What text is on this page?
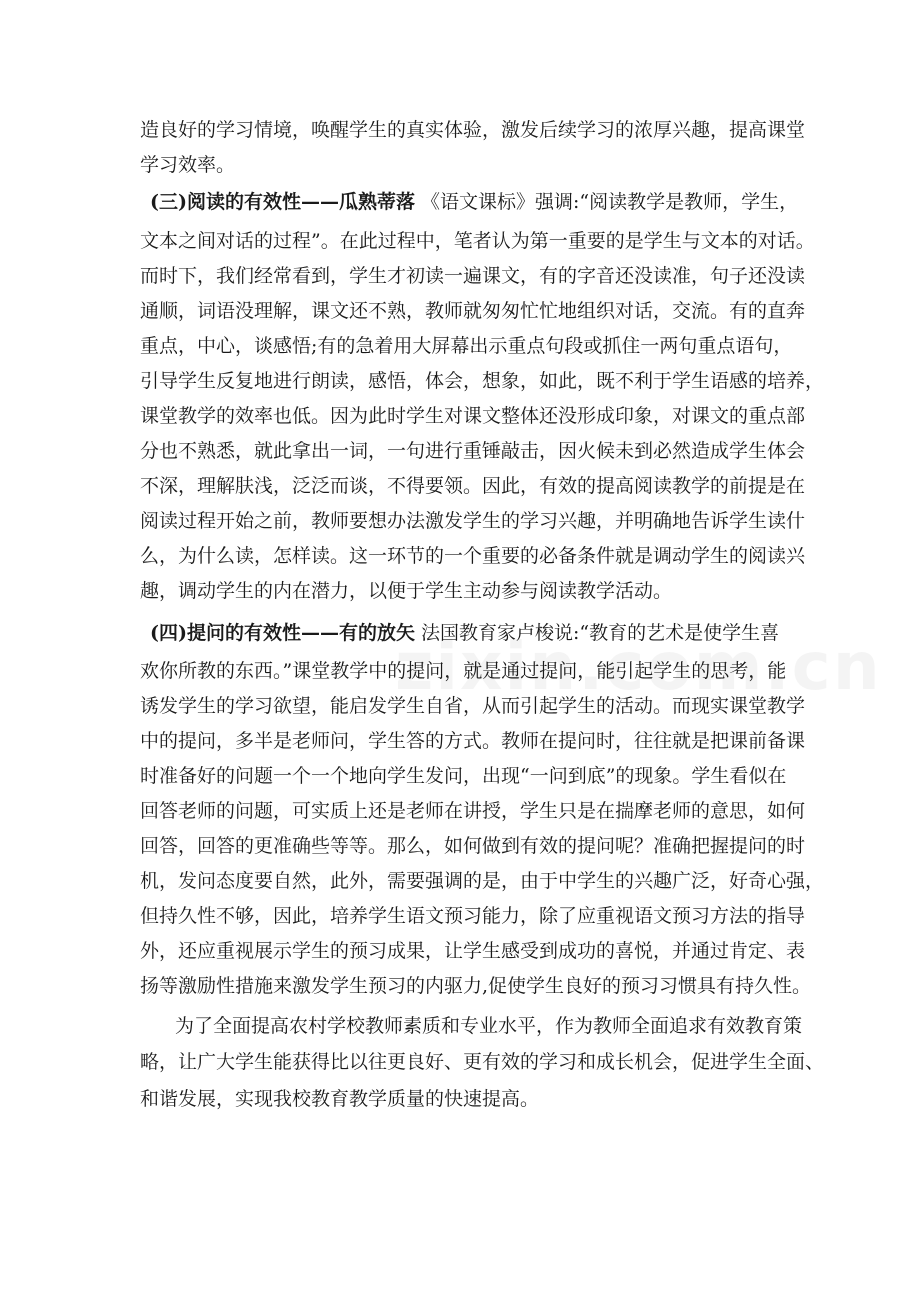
造良好的学习情境，唤醒学生的真实体验，激发后续学习的浓厚兴趣，提高课堂
学习效率。
(三)阅读的有效性——瓜熟蒂落 《语文课标》强调:“阅读教学是教师，学生，
文本之间对话的过程”。在此过程中，笔者认为第一重要的是学生与文本的对话。
而时下，我们经常看到，学生才初读一遍课文，有的字音还没读准，句子还没读
通顺，词语没理解，课文还不熟，教师就匆匆忙忙地组织对话，交流。有的直奔
重点，中心，谈感悟;有的急着用大屏幕出示重点句段或抓住一两句重点语句，
引导学生反复地进行朗读，感悟，体会，想象，如此，既不利于学生语感的培养，
课堂教学的效率也低。因为此时学生对课文整体还没形成印象，对课文的重点部
分也不熟悉，就此拿出一词，一句进行重锤敲击，因火候未到必然造成学生体会
不深，理解肤浅，泛泛而谈，不得要领。因此，有效的提高阅读教学的前提是在
阅读过程开始之前，教师要想办法激发学生的学习兴趣，并明确地告诉学生读什
么，为什么读，怎样读。这一环节的一个重要的必备条件就是调动学生的阅读兴
趣，调动学生的内在潜力，以便于学生主动参与阅读教学活动。
(四)提问的有效性——有的放矢 法国教育家卢梭说:“教育的艺术是使学生喜
欢你所教的东西。”课堂教学中的提问，就是通过提问，能引起学生的思考，能
诱发学生的学习欲望，能启发学生自省，从而引起学生的活动。而现实课堂教学
中的提问，多半是老师问，学生答的方式。教师在提问时，往往就是把课前备课
时准备好的问题一个一个地向学生发问，出现“一问到底”的现象。学生看似在
回答老师的问题，可实质上还是老师在讲授，学生只是在揣摩老师的意思，如何
回答，回答的更准确些等等。那么，如何做到有效的提问呢？准确把握提问的时
机，发问态度要自然，此外，需要强调的是，由于中学生的兴趣广泛，好奇心强，
但持久性不够，因此，培养学生语文预习能力，除了应重视语文预习方法的指导
外，还应重视展示学生的预习成果，让学生感受到成功的喜悦，并通过肯定、表
扬等激励性措施来激发学生预习的内驱力,促使学生良好的预习习惯具有持久性。
为了全面提高农村学校教师素质和专业水平，作为教师全面追求有效教育策
略，让广大学生能获得比以往更良好、更有效的学习和成长机会，促进学生全面、
和谐发展，实现我校教育教学质量的快速提高。
